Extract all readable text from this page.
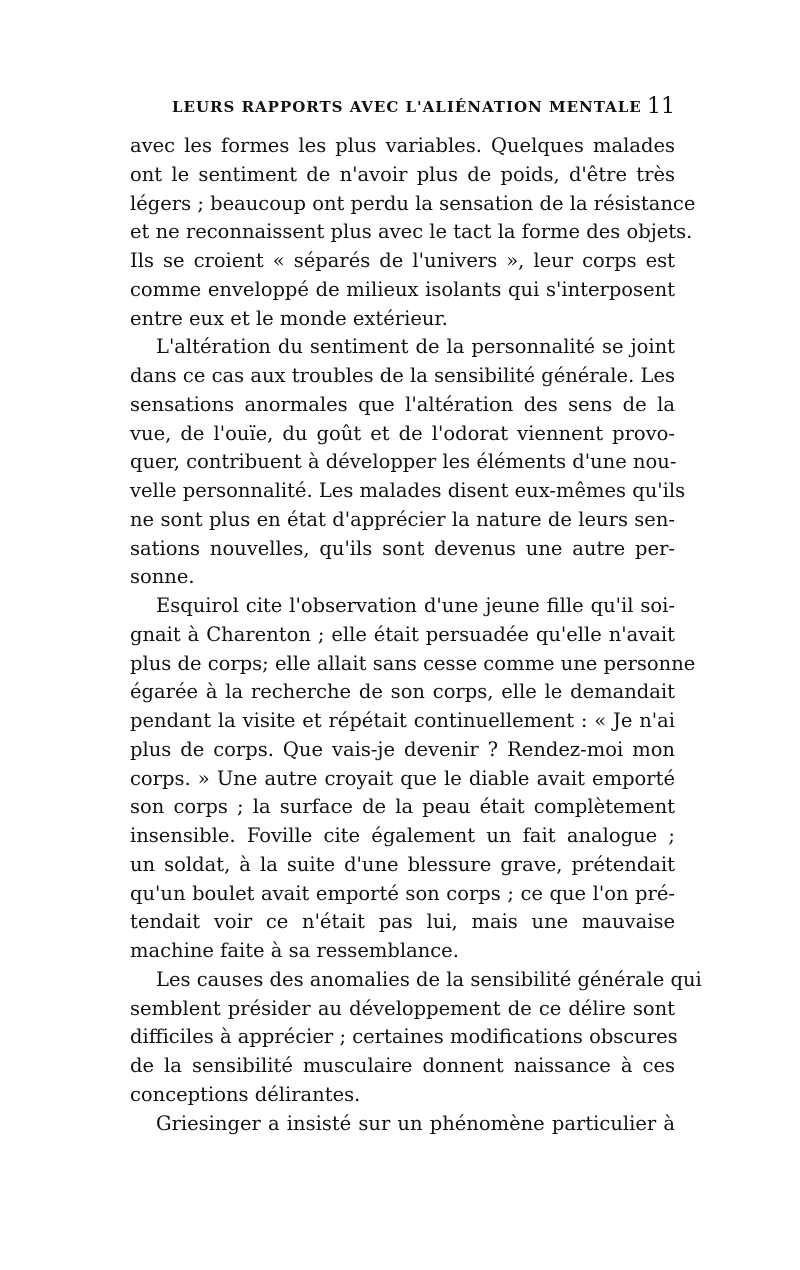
LEURS RAPPORTS AVEC L'ALIÉNATION MENTALE 11
avec les formes les plus variables. Quelques malades
ont le sentiment de n'avoir plus de poids, d'être très
légers ; beaucoup ont perdu la sensation de la résistance
et ne reconnaissent plus avec le tact la forme des objets.
Ils se croient « séparés de l'univers », leur corps est
comme enveloppé de milieux isolants qui s'interposent
entre eux et le monde extérieur.
L'altération du sentiment de la personnalité se joint
dans ce cas aux troubles de la sensibilité générale. Les
sensations anormales que l'altération des sens de la
vue, de l'ouïe, du goût et de l'odorat viennent provo-
quer, contribuent à développer les éléments d'une nou-
velle personnalité. Les malades disent eux-mêmes qu'ils
ne sont plus en état d'apprécier la nature de leurs sen-
sations nouvelles, qu'ils sont devenus une autre per-
sonne.
Esquirol cite l'observation d'une jeune fille qu'il soi-
gnait à Charenton ; elle était persuadée qu'elle n'avait
plus de corps; elle allait sans cesse comme une personne
égarée à la recherche de son corps, elle le demandait
pendant la visite et répétait continuellement : « Je n'ai
plus de corps. Que vais-je devenir ? Rendez-moi mon
corps. » Une autre croyait que le diable avait emporté
son corps ; la surface de la peau était complètement
insensible. Foville cite également un fait analogue ;
un soldat, à la suite d'une blessure grave, prétendait
qu'un boulet avait emporté son corps ; ce que l'on pré-
tendait voir ce n'était pas lui, mais une mauvaise
machine faite à sa ressemblance.
Les causes des anomalies de la sensibilité générale qui
semblent présider au développement de ce délire sont
difficiles à apprécier ; certaines modifications obscures
de la sensibilité musculaire donnent naissance à ces
conceptions délirantes.
Griesinger a insisté sur un phénomène particulier à
